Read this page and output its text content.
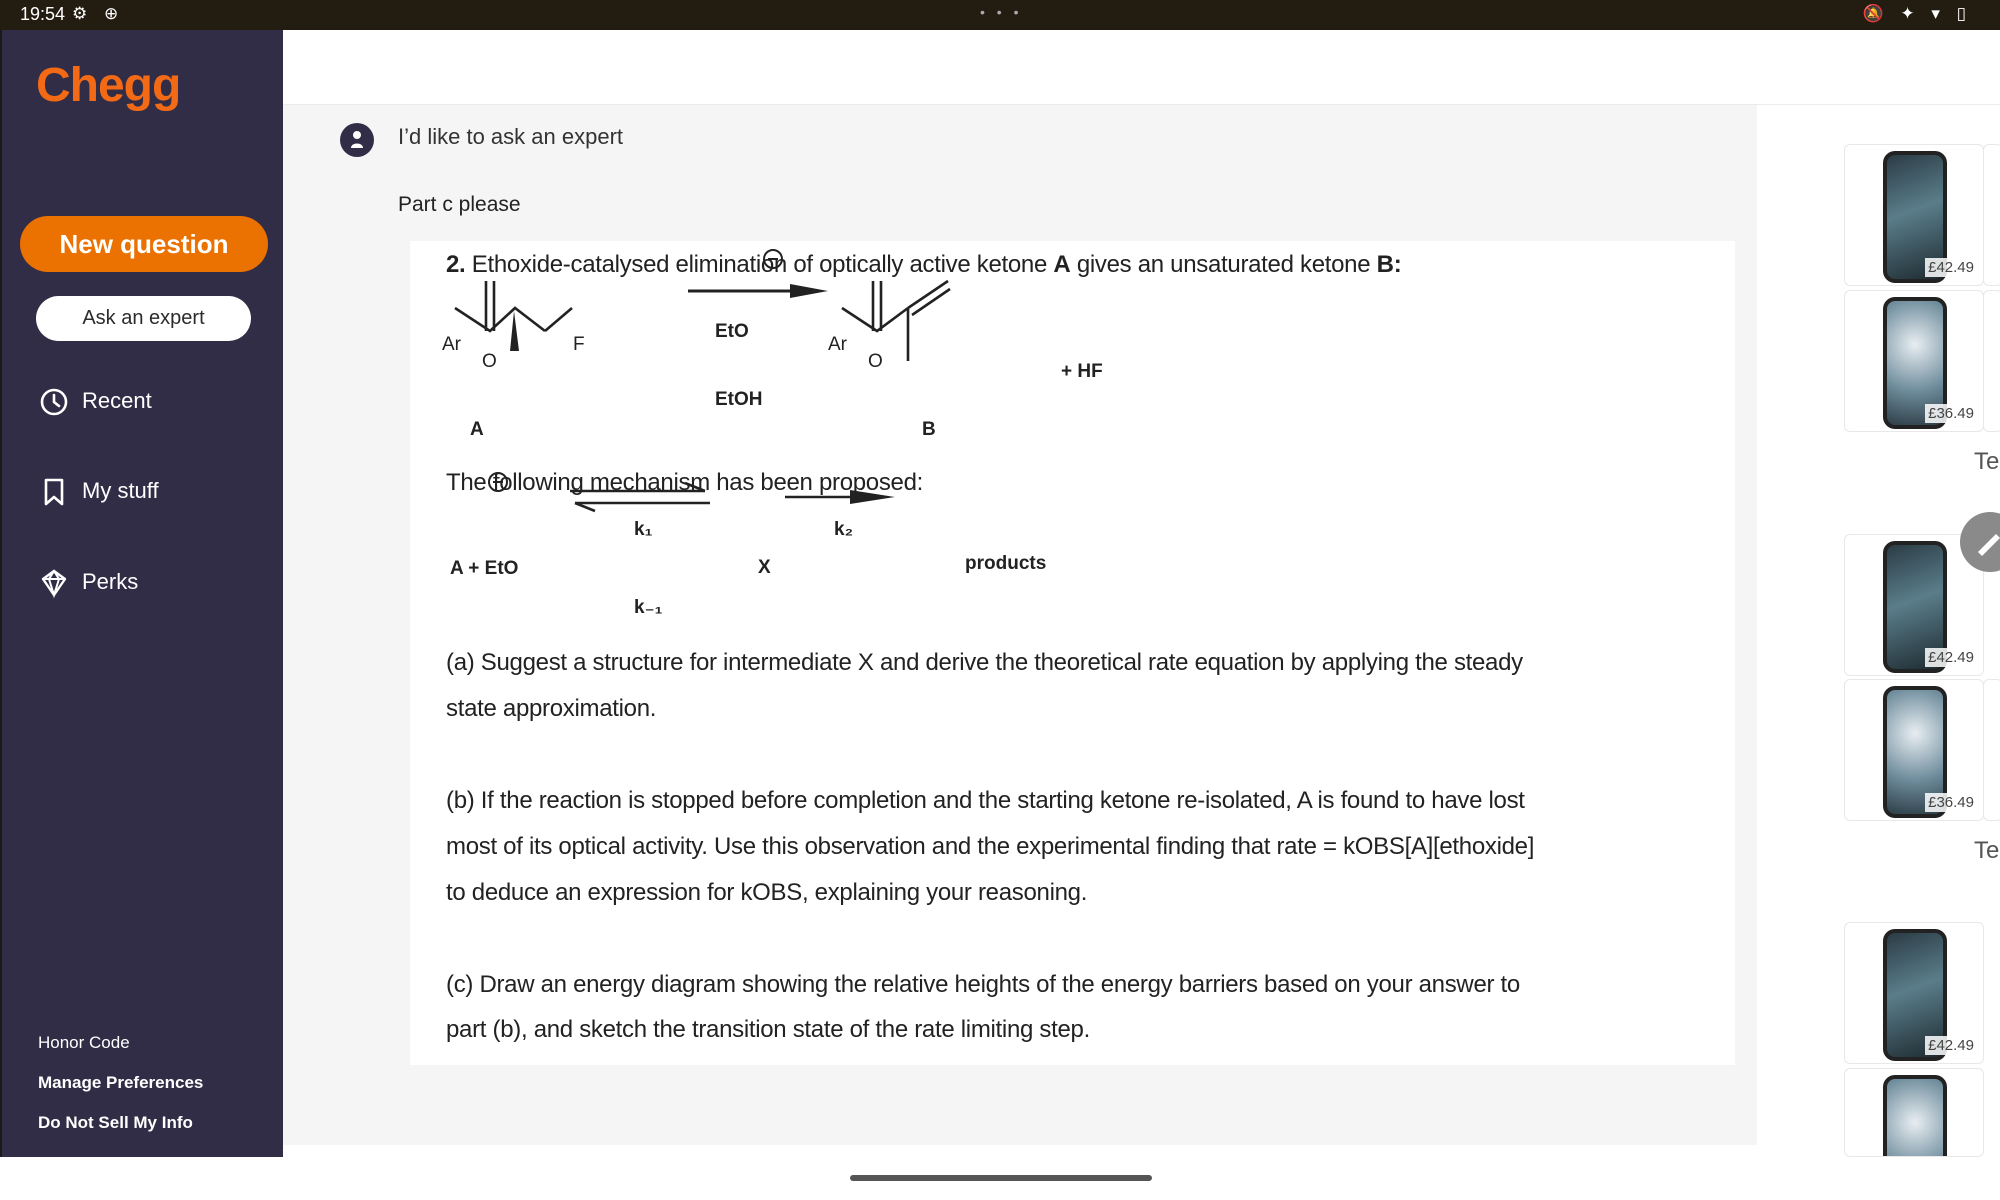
19:54 ⚙ ⊕	• • •	🔕 ✦ ▾ ▯
Chegg
New question
Ask an expert
Recent
My stuff
Perks
Honor Code
Manage Preferences
Do Not Sell My Info
I’d like to ask an expert
Part c please
2. Ethoxide-catalysed elimination of optically active ketone A gives an unsaturated ketone B:
O
Ar	F
A
EtO
EtOH
O
Ar
B
+ HF
The following mechanism has been proposed:
A + EtO
k₁
k₋₁
X
k₂
products
(a) Suggest a structure for intermediate X and derive the theoretical rate equation by applying the steady
state approximation.
(b) If the reaction is stopped before completion and the starting ketone re-isolated, A is found to have lost
most of its optical activity. Use this observation and the experimental finding that rate = kOBS[A][ethoxide]
to deduce an expression for kOBS, explaining your reasoning.
(c) Draw an energy diagram showing the relative heights of the energy barriers based on your answer to
part (b), and sketch the transition state of the rate limiting step.
£42.49
£36.49
Te
£42.49
£36.49
Te
£42.49
